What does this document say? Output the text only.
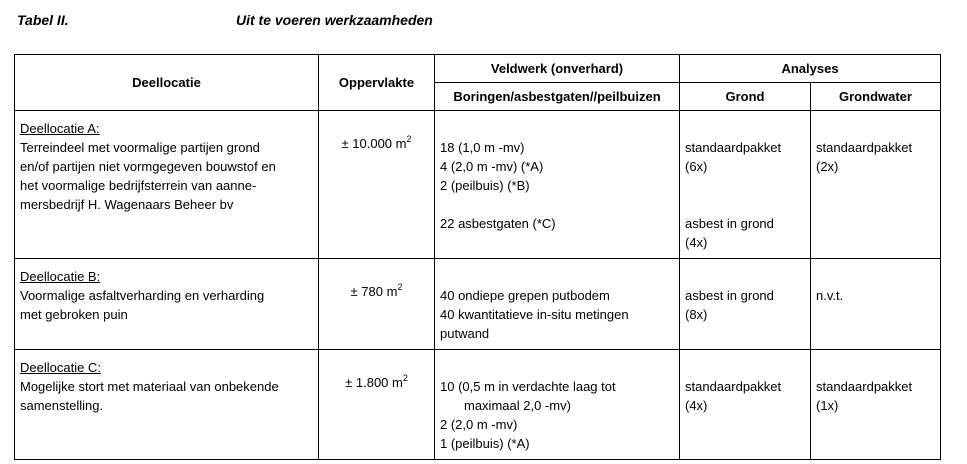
Tabel II.	Uit te voeren werkzaamheden
Deellocatie	Oppervlakte	Veldwerk (onverhard)	Analyses	
		Boringen/asbestgaten//peilbuizen	Grond	Grondwater

Deellocatie A:
Terreindeel met voormalige partijen grond
en/of partijen niet vormgegeven bouwstof en
het voormalige bedrijfsterrein van aanne-
mersbedrijf H. Wagenaars Beheer bv	± 10.000 $m^2$	18 (1,0 m -mv)
4 (2,0 m -mv) (*A)
2 (peilbuis) (*B)
22 asbestgaten (*C)	standaardpakket
(6x)
asbest in grond
(4x)	standaardpakket
(2x)

Deellocatie B:
Voormalige asfaltverharding en verharding
met gebroken puin	± 780 $m^2$	40 ondiepe grepen putbodem
40 kwantitatieve in-situ metingen
putwand	asbest in grond
(8x)	n.v.t.

Deellocatie C:
Mogelijke stort met materiaal van onbekende
samenstelling.	± 1.800 $m^2$	10 (0,5 m in verdachte laag tot
maximaal 2,0 -mv)
2 (2,0 m -mv)
1 (peilbuis) (*A)	standaardpakket
(4x)	standaardpakket
(1x)
